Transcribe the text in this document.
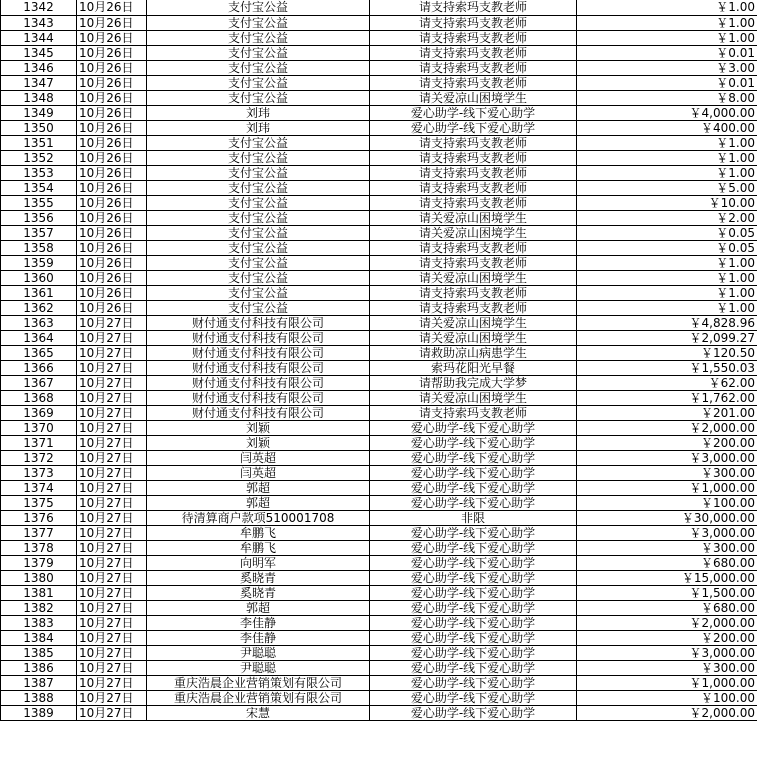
1342	10月26日	支付宝公益	请支持索玛支教老师	￥1.00
1343	10月26日	支付宝公益	请支持索玛支教老师	￥1.00
1344	10月26日	支付宝公益	请支持索玛支教老师	￥1.00
1345	10月26日	支付宝公益	请支持索玛支教老师	￥0.01
1346	10月26日	支付宝公益	请支持索玛支教老师	￥3.00
1347	10月26日	支付宝公益	请支持索玛支教老师	￥0.01
1348	10月26日	支付宝公益	请关爱凉山困境学生	￥8.00
1349	10月26日	刘玮	爱心助学-线下爱心助学	￥4,000.00
1350	10月26日	刘玮	爱心助学-线下爱心助学	￥400.00
1351	10月26日	支付宝公益	请支持索玛支教老师	￥1.00
1352	10月26日	支付宝公益	请支持索玛支教老师	￥1.00
1353	10月26日	支付宝公益	请支持索玛支教老师	￥1.00
1354	10月26日	支付宝公益	请支持索玛支教老师	￥5.00
1355	10月26日	支付宝公益	请支持索玛支教老师	￥10.00
1356	10月26日	支付宝公益	请关爱凉山困境学生	￥2.00
1357	10月26日	支付宝公益	请关爱凉山困境学生	￥0.05
1358	10月26日	支付宝公益	请支持索玛支教老师	￥0.05
1359	10月26日	支付宝公益	请支持索玛支教老师	￥1.00
1360	10月26日	支付宝公益	请关爱凉山困境学生	￥1.00
1361	10月26日	支付宝公益	请支持索玛支教老师	￥1.00
1362	10月26日	支付宝公益	请支持索玛支教老师	￥1.00
1363	10月27日	财付通支付科技有限公司	请关爱凉山困境学生	￥4,828.96
1364	10月27日	财付通支付科技有限公司	请关爱凉山困境学生	￥2,099.27
1365	10月27日	财付通支付科技有限公司	请救助凉山病患学生	￥120.50
1366	10月27日	财付通支付科技有限公司	索玛花阳光早餐	￥1,550.03
1367	10月27日	财付通支付科技有限公司	请帮助我完成大学梦	￥62.00
1368	10月27日	财付通支付科技有限公司	请关爱凉山困境学生	￥1,762.00
1369	10月27日	财付通支付科技有限公司	请支持索玛支教老师	￥201.00
1370	10月27日	刘颖	爱心助学-线下爱心助学	￥2,000.00
1371	10月27日	刘颖	爱心助学-线下爱心助学	￥200.00
1372	10月27日	闫英超	爱心助学-线下爱心助学	￥3,000.00
1373	10月27日	闫英超	爱心助学-线下爱心助学	￥300.00
1374	10月27日	郭超	爱心助学-线下爱心助学	￥1,000.00
1375	10月27日	郭超	爱心助学-线下爱心助学	￥100.00
1376	10月27日	待清算商户款项510001708	非限	￥30,000.00
1377	10月27日	牟鹏飞	爱心助学-线下爱心助学	￥3,000.00
1378	10月27日	牟鹏飞	爱心助学-线下爱心助学	￥300.00
1379	10月27日	向明军	爱心助学-线下爱心助学	￥680.00
1380	10月27日	奚晓青	爱心助学-线下爱心助学	￥15,000.00
1381	10月27日	奚晓青	爱心助学-线下爱心助学	￥1,500.00
1382	10月27日	郭超	爱心助学-线下爱心助学	￥680.00
1383	10月27日	李佳静	爱心助学-线下爱心助学	￥2,000.00
1384	10月27日	李佳静	爱心助学-线下爱心助学	￥200.00
1385	10月27日	尹聪聪	爱心助学-线下爱心助学	￥3,000.00
1386	10月27日	尹聪聪	爱心助学-线下爱心助学	￥300.00
1387	10月27日	重庆浩晨企业营销策划有限公司	爱心助学-线下爱心助学	￥1,000.00
1388	10月27日	重庆浩晨企业营销策划有限公司	爱心助学-线下爱心助学	￥100.00
1389	10月27日	宋慧	爱心助学-线下爱心助学	￥2,000.00
